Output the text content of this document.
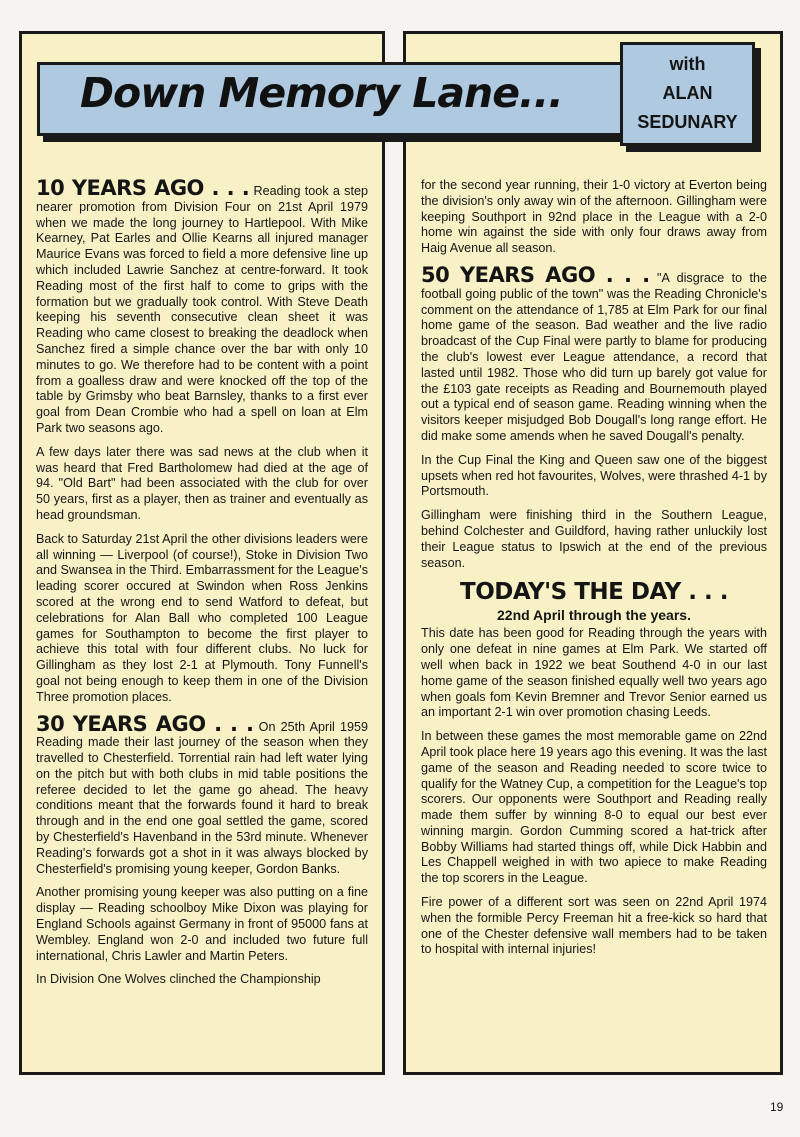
Down Memory Lane...
with
ALAN
SEDUNARY

10 YEARS AGO . . . Reading took a step nearer promotion from Division Four on 21st April 1979 when we made the long journey to Hartlepool. With Mike Kearney, Pat Earles and Ollie Kearns all injured manager Maurice Evans was forced to field a more defensive line up which included Lawrie Sanchez at centre-forward. It took Reading most of the first half to come to grips with the formation but we gradually took control. With Steve Death keeping his seventh consecutive clean sheet it was Reading who came closest to breaking the deadlock when Sanchez fired a simple chance over the bar with only 10 minutes to go. We therefore had to be content with a point from a goalless draw and were knocked off the top of the table by Grimsby who beat Barnsley, thanks to a first ever goal from Dean Crombie who had a spell on loan at Elm Park two seasons ago.

A few days later there was sad news at the club when it was heard that Fred Bartholomew had died at the age of 94. "Old Bart" had been associated with the club for over 50 years, first as a player, then as trainer and eventually as head groundsman.

Back to Saturday 21st April the other divisions leaders were all winning — Liverpool (of course!), Stoke in Division Two and Swansea in the Third. Embarrassment for the League's leading scorer occured at Swindon when Ross Jenkins scored at the wrong end to send Watford to defeat, but celebrations for Alan Ball who completed 100 League games for Southampton to become the first player to achieve this total with four different clubs. No luck for Gillingham as they lost 2-1 at Plymouth. Tony Funnell's goal not being enough to keep them in one of the Division Three promotion places.

30 YEARS AGO . . . On 25th April 1959 Reading made their last journey of the season when they travelled to Chesterfield. Torrential rain had left water lying on the pitch but with both clubs in mid table positions the referee decided to let the game go ahead. The heavy conditions meant that the forwards found it hard to break through and in the end one goal settled the game, scored by Chesterfield's Havenband in the 53rd minute. Whenever Reading's forwards got a shot in it was always blocked by Chesterfield's promising young keeper, Gordon Banks.

Another promising young keeper was also putting on a fine display — Reading schoolboy Mike Dixon was playing for England Schools against Germany in front of 95000 fans at Wembley. England won 2-0 and included two future full international, Chris Lawler and Martin Peters.

In Division One Wolves clinched the Championship

for the second year running, their 1-0 victory at Everton being the division's only away win of the afternoon. Gillingham were keeping Southport in 92nd place in the League with a 2-0 home win against the side with only four draws away from Haig Avenue all season.

50 YEARS AGO . . . "A disgrace to the football going public of the town" was the Reading Chronicle's comment on the attendance of 1,785 at Elm Park for our final home game of the season. Bad weather and the live radio broadcast of the Cup Final were partly to blame for producing the club's lowest ever League attendance, a record that lasted until 1982. Those who did turn up barely got value for the £103 gate receipts as Reading and Bournemouth played out a typical end of season game. Reading winning when the visitors keeper misjudged Bob Dougall's long range effort. He did make some amends when he saved Dougall's penalty.

In the Cup Final the King and Queen saw one of the biggest upsets when red hot favourites, Wolves, were thrashed 4-1 by Portsmouth.

Gillingham were finishing third in the Southern League, behind Colchester and Guildford, having rather unluckily lost their League status to Ipswich at the end of the previous season.

TODAY'S THE DAY . . .
22nd April through the years.

This date has been good for Reading through the years with only one defeat in nine games at Elm Park. We started off well when back in 1922 we beat Southend 4-0 in our last home game of the season finished equally well two years ago when goals fom Kevin Bremner and Trevor Senior earned us an important 2-1 win over promotion chasing Leeds.

In between these games the most memorable game on 22nd April took place here 19 years ago this evening. It was the last game of the season and Reading needed to score twice to qualify for the Watney Cup, a competition for the League's top scorers. Our opponents were Southport and Reading really made them suffer by winning 8-0 to equal our best ever winning margin. Gordon Cumming scored a hat-trick after Bobby Williams had started things off, while Dick Habbin and Les Chappell weighed in with two apiece to make Reading the top scorers in the League.

Fire power of a different sort was seen on 22nd April 1974 when the formible Percy Freeman hit a free-kick so hard that one of the Chester defensive wall members had to be taken to hospital with internal injuries!

19
